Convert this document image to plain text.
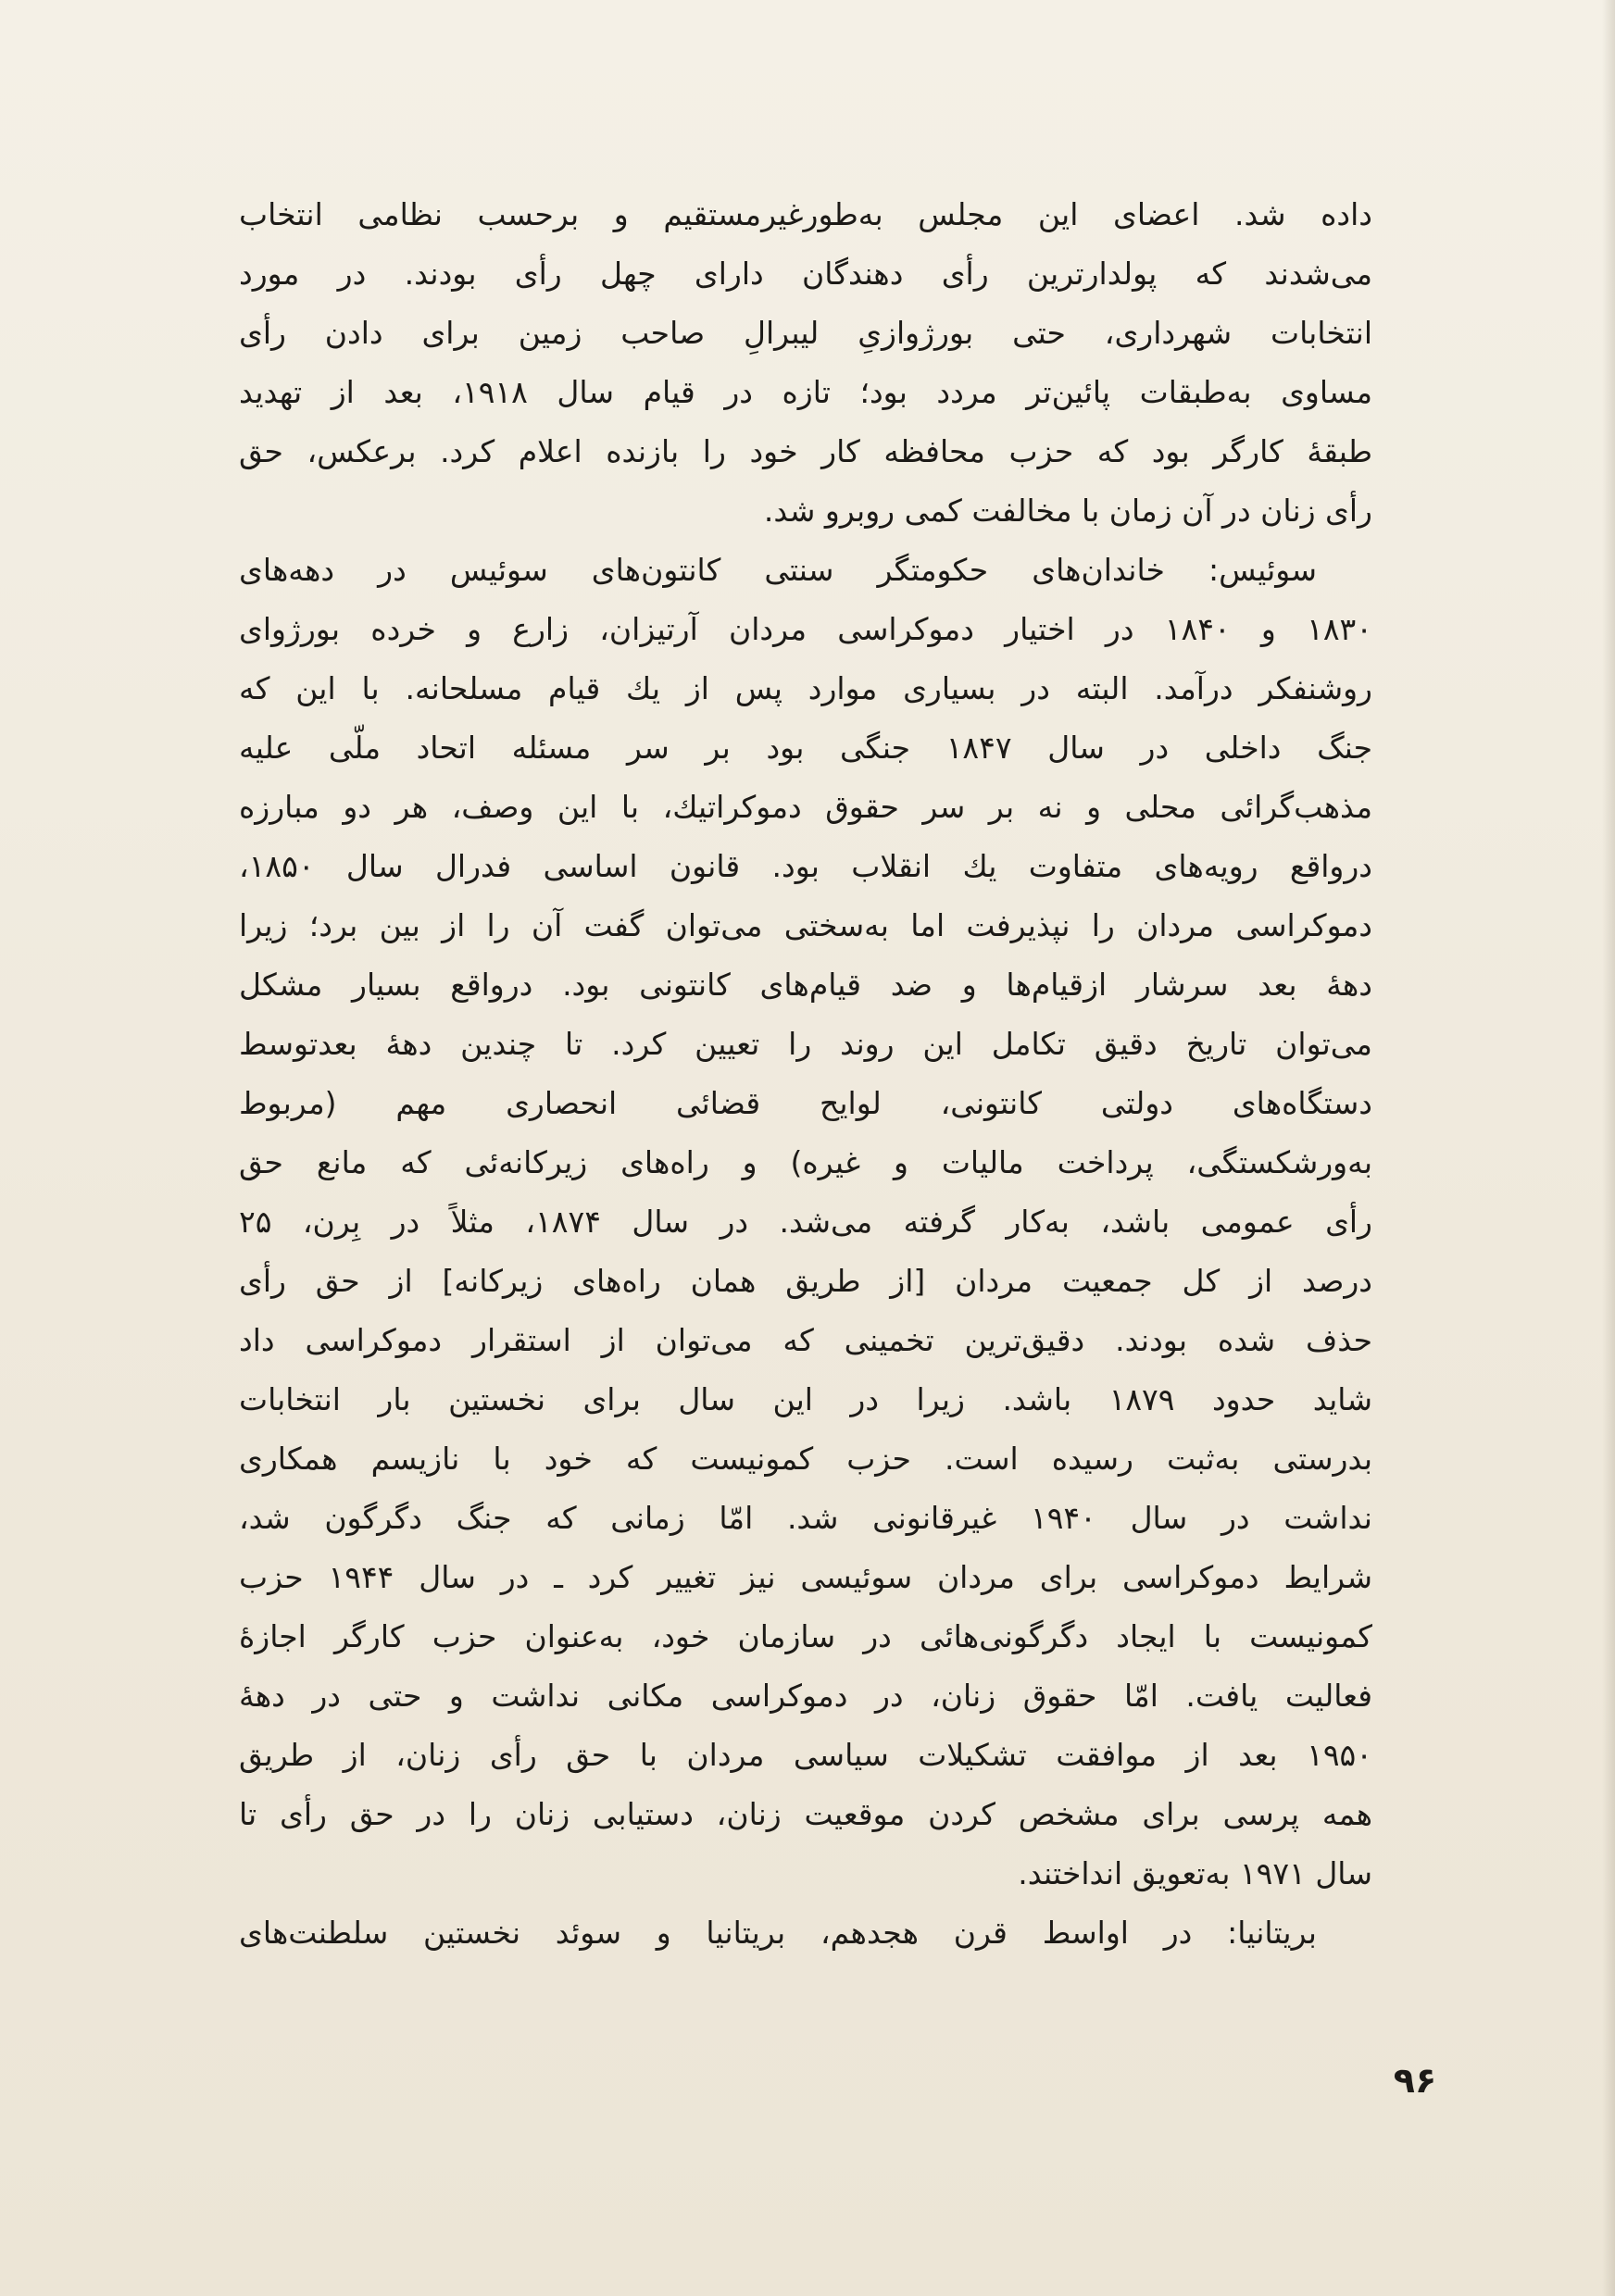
داده شد. اعضای این مجلس به‌طورغیرمستقیم و برحسب نظامی انتخاب
می‌شدند که پولدارترین رأی دهندگان دارای چهل رأی بودند. در مورد
انتخابات شهرداری، حتی بورژوازیِ لیبرالِ صاحب زمین برای دادن رأی
مساوی به‌طبقات پائین‌تر مردد بود؛ تازه در قیام سال ۱۹۱۸، بعد از تهدید
طبقهٔ کارگر بود که حزب محافظه کار خود را بازنده اعلام کرد. برعکس، حق
رأی زنان در آن زمان با مخالفت کمی روبرو شد.
سوئیس: خاندان‌های حکومتگر سنتی کانتون‌های سوئیس در دهه‌های
۱۸۳۰ و ۱۸۴۰ در اختیار دموکراسی مردان آرتیزان، زارع و خرده بورژوای
روشنفکر درآمد. البته در بسیاری موارد پس از یك قیام مسلحانه. با این که
جنگ داخلی در سال ۱۸۴۷ جنگی بود بر سر مسئله اتحاد ملّی علیه
مذهب‌گرائی محلی و نه بر سر حقوق دموکراتیك، با این وصف، هر دو مبارزه
درواقع رویه‌های متفاوت یك انقلاب بود. قانون اساسی فدرال سال ۱۸۵۰،
دموکراسی مردان را نپذیرفت اما به‌سختی می‌توان گفت آن را از بین برد؛ زیرا
دههٔ بعد سرشار ازقیام‌ها و ضد قیام‌های کانتونی بود. درواقع بسیار مشکل
می‌توان تاریخ دقیق تکامل این روند را تعیین کرد. تا چندین دههٔ بعدتوسط
دستگاه‌های دولتی کانتونی، لوایح قضائی انحصاری مهم (مربوط
به‌ورشکستگی، پرداخت مالیات و غیره) و راه‌های زیرکانه‌ئی که مانع حق
رأی عمومی باشد، به‌کار گرفته می‌شد. در سال ۱۸۷۴، مثلاً در بِرن، ۲۵
درصد از کل جمعیت مردان [از طریق همان راه‌های زیرکانه] از حق رأی
حذف شده بودند. دقیق‌ترین تخمینی که می‌توان از استقرار دموکراسی داد
شاید حدود ۱۸۷۹ باشد. زیرا در این سال برای نخستین بار انتخابات
بدرستی به‌ثبت رسیده است. حزب کمونیست که خود با نازیسم همکاری
نداشت در سال ۱۹۴۰ غیرقانونی شد. امّا زمانی که جنگ دگرگون شد،
شرایط دموکراسی برای مردان سوئیسی نیز تغییر کرد ـ در سال ۱۹۴۴ حزب
کمونیست با ایجاد دگرگونی‌هائی در سازمان خود، به‌عنوان حزب کارگر اجازهٔ
فعالیت یافت. امّا حقوق زنان، در دموکراسی مکانی نداشت و حتی در دههٔ
۱۹۵۰ بعد از موافقت تشکیلات سیاسی مردان با حق رأی زنان، از طریق
همه پرسی برای مشخص کردن موقعیت زنان، دستیابی زنان را در حق رأی تا
سال ۱۹۷۱ به‌تعویق انداختند.
بریتانیا: در اواسط قرن هجدهم، بریتانیا و سوئد نخستین سلطنت‌های
۹۶
